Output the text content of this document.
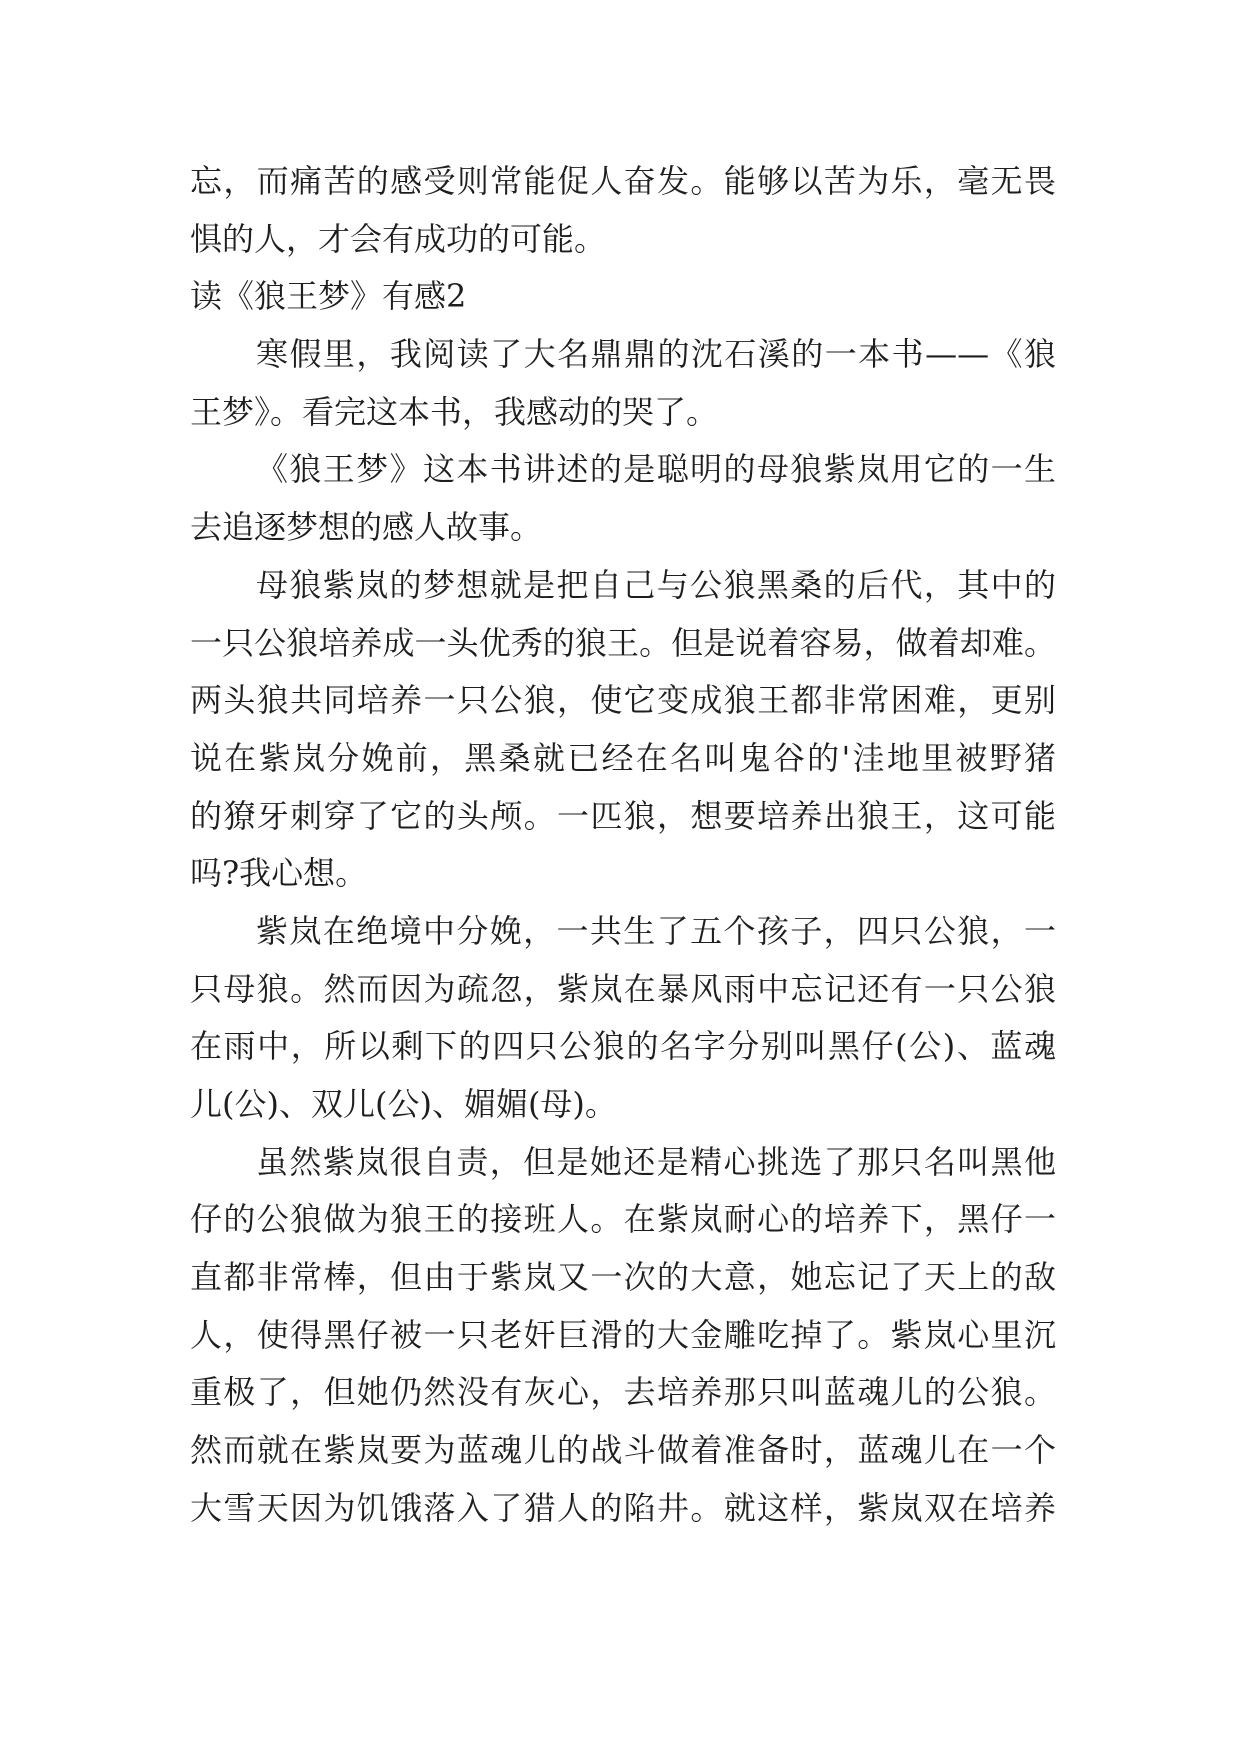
忘，而痛苦的感受则常能促人奋发。能够以苦为乐，毫无畏
惧的人，才会有成功的可能。
读《狼王梦》有感2
寒假里，我阅读了大名鼎鼎的沈石溪的一本书——《狼
王梦》。看完这本书，我感动的哭了。
《狼王梦》这本书讲述的是聪明的母狼紫岚用它的一生
去追逐梦想的感人故事。
母狼紫岚的梦想就是把自己与公狼黑桑的后代，其中的
一只公狼培养成一头优秀的狼王。但是说着容易，做着却难。
两头狼共同培养一只公狼，使它变成狼王都非常困难，更别
说在紫岚分娩前，黑桑就已经在名叫鬼谷的'洼地里被野猪
的獠牙刺穿了它的头颅。一匹狼，想要培养出狼王，这可能
吗?我心想。
紫岚在绝境中分娩，一共生了五个孩子，四只公狼，一
只母狼。然而因为疏忽，紫岚在暴风雨中忘记还有一只公狼
在雨中，所以剩下的四只公狼的名字分别叫黑仔(公)、蓝魂
儿(公)、双儿(公)、媚媚(母)。
虽然紫岚很自责，但是她还是精心挑选了那只名叫黑他
仔的公狼做为狼王的接班人。在紫岚耐心的培养下，黑仔一
直都非常棒，但由于紫岚又一次的大意，她忘记了天上的敌
人，使得黑仔被一只老奸巨滑的大金雕吃掉了。紫岚心里沉
重极了，但她仍然没有灰心，去培养那只叫蓝魂儿的公狼。
然而就在紫岚要为蓝魂儿的战斗做着准备时，蓝魂儿在一个
大雪天因为饥饿落入了猎人的陷井。就这样，紫岚双在培养
